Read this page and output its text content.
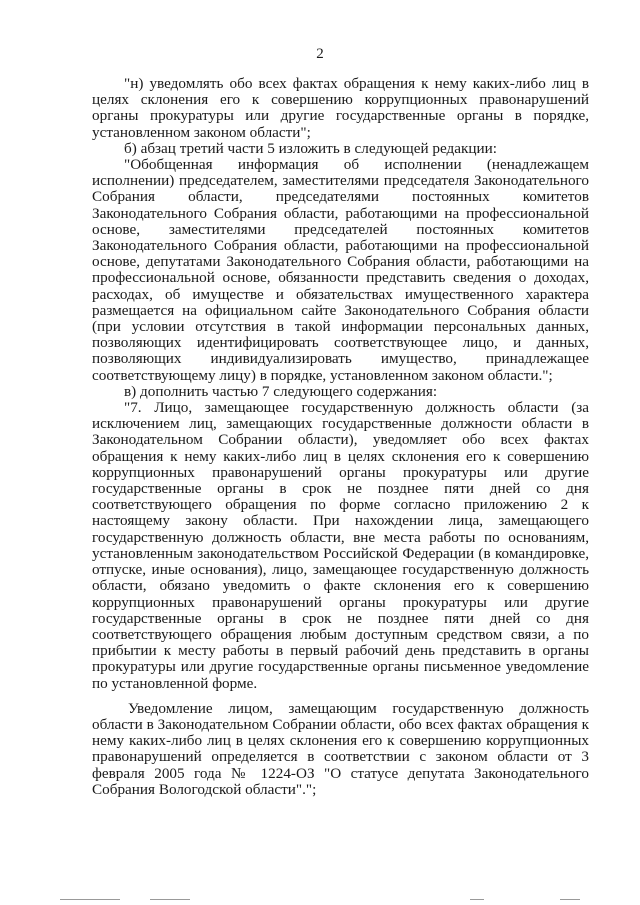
2

"н) уведомлять обо всех фактах обращения к нему каких-либо лиц в целях склонения его к совершению коррупционных правонарушений органы прокуратуры или другие государственные органы в порядке, установленном законом области";

б) абзац третий части 5 изложить в следующей редакции:

"Обобщенная информация об исполнении (ненадлежащем исполнении) председателем, заместителями председателя Законодательного Собрания области, председателями постоянных комитетов Законодательного Собрания области, работающими на профессиональной основе, заместителями председателей постоянных комитетов Законодательного Собрания области, работающими на профессиональной основе, депутатами Законодательного Собрания области, работающими на профессиональной основе, обязанности представить сведения о доходах, расходах, об имуществе и обязательствах имущественного характера размещается на официальном сайте Законодательного Собрания области (при условии отсутствия в такой информации персональных данных, позволяющих идентифицировать соответствующее лицо, и данных, позволяющих индивидуализировать имущество, принадлежащее соответствующему лицу) в порядке, установленном законом области.";

в) дополнить частью 7 следующего содержания:

"7. Лицо, замещающее государственную должность области (за исключением лиц, замещающих государственные должности области в Законодательном Собрании области), уведомляет обо всех фактах обращения к нему каких-либо лиц в целях склонения его к совершению коррупционных правонарушений органы прокуратуры или другие государственные органы в срок не позднее пяти дней со дня соответствующего обращения по форме согласно приложению 2 к настоящему закону области. При нахождении лица, замещающего государственную должность области, вне места работы по основаниям, установленным законодательством Российской Федерации (в командировке, отпуске, иные основания), лицо, замещающее государственную должность области, обязано уведомить о факте склонения его к совершению коррупционных правонарушений органы прокуратуры или другие государственные органы в срок не позднее пяти дней со дня соответствующего обращения любым доступным средством связи, а по прибытии к месту работы в первый рабочий день представить в органы прокуратуры или другие государственные органы письменное уведомление по установленной форме.

Уведомление лицом, замещающим государственную должность области в Законодательном Собрании области, обо всех фактах обращения к нему каких-либо лиц в целях склонения его к совершению коррупционных правонарушений определяется в соответствии с законом области от 3 февраля 2005 года № 1224-ОЗ "О статусе депутата Законодательного Собрания Вологодской области".";
